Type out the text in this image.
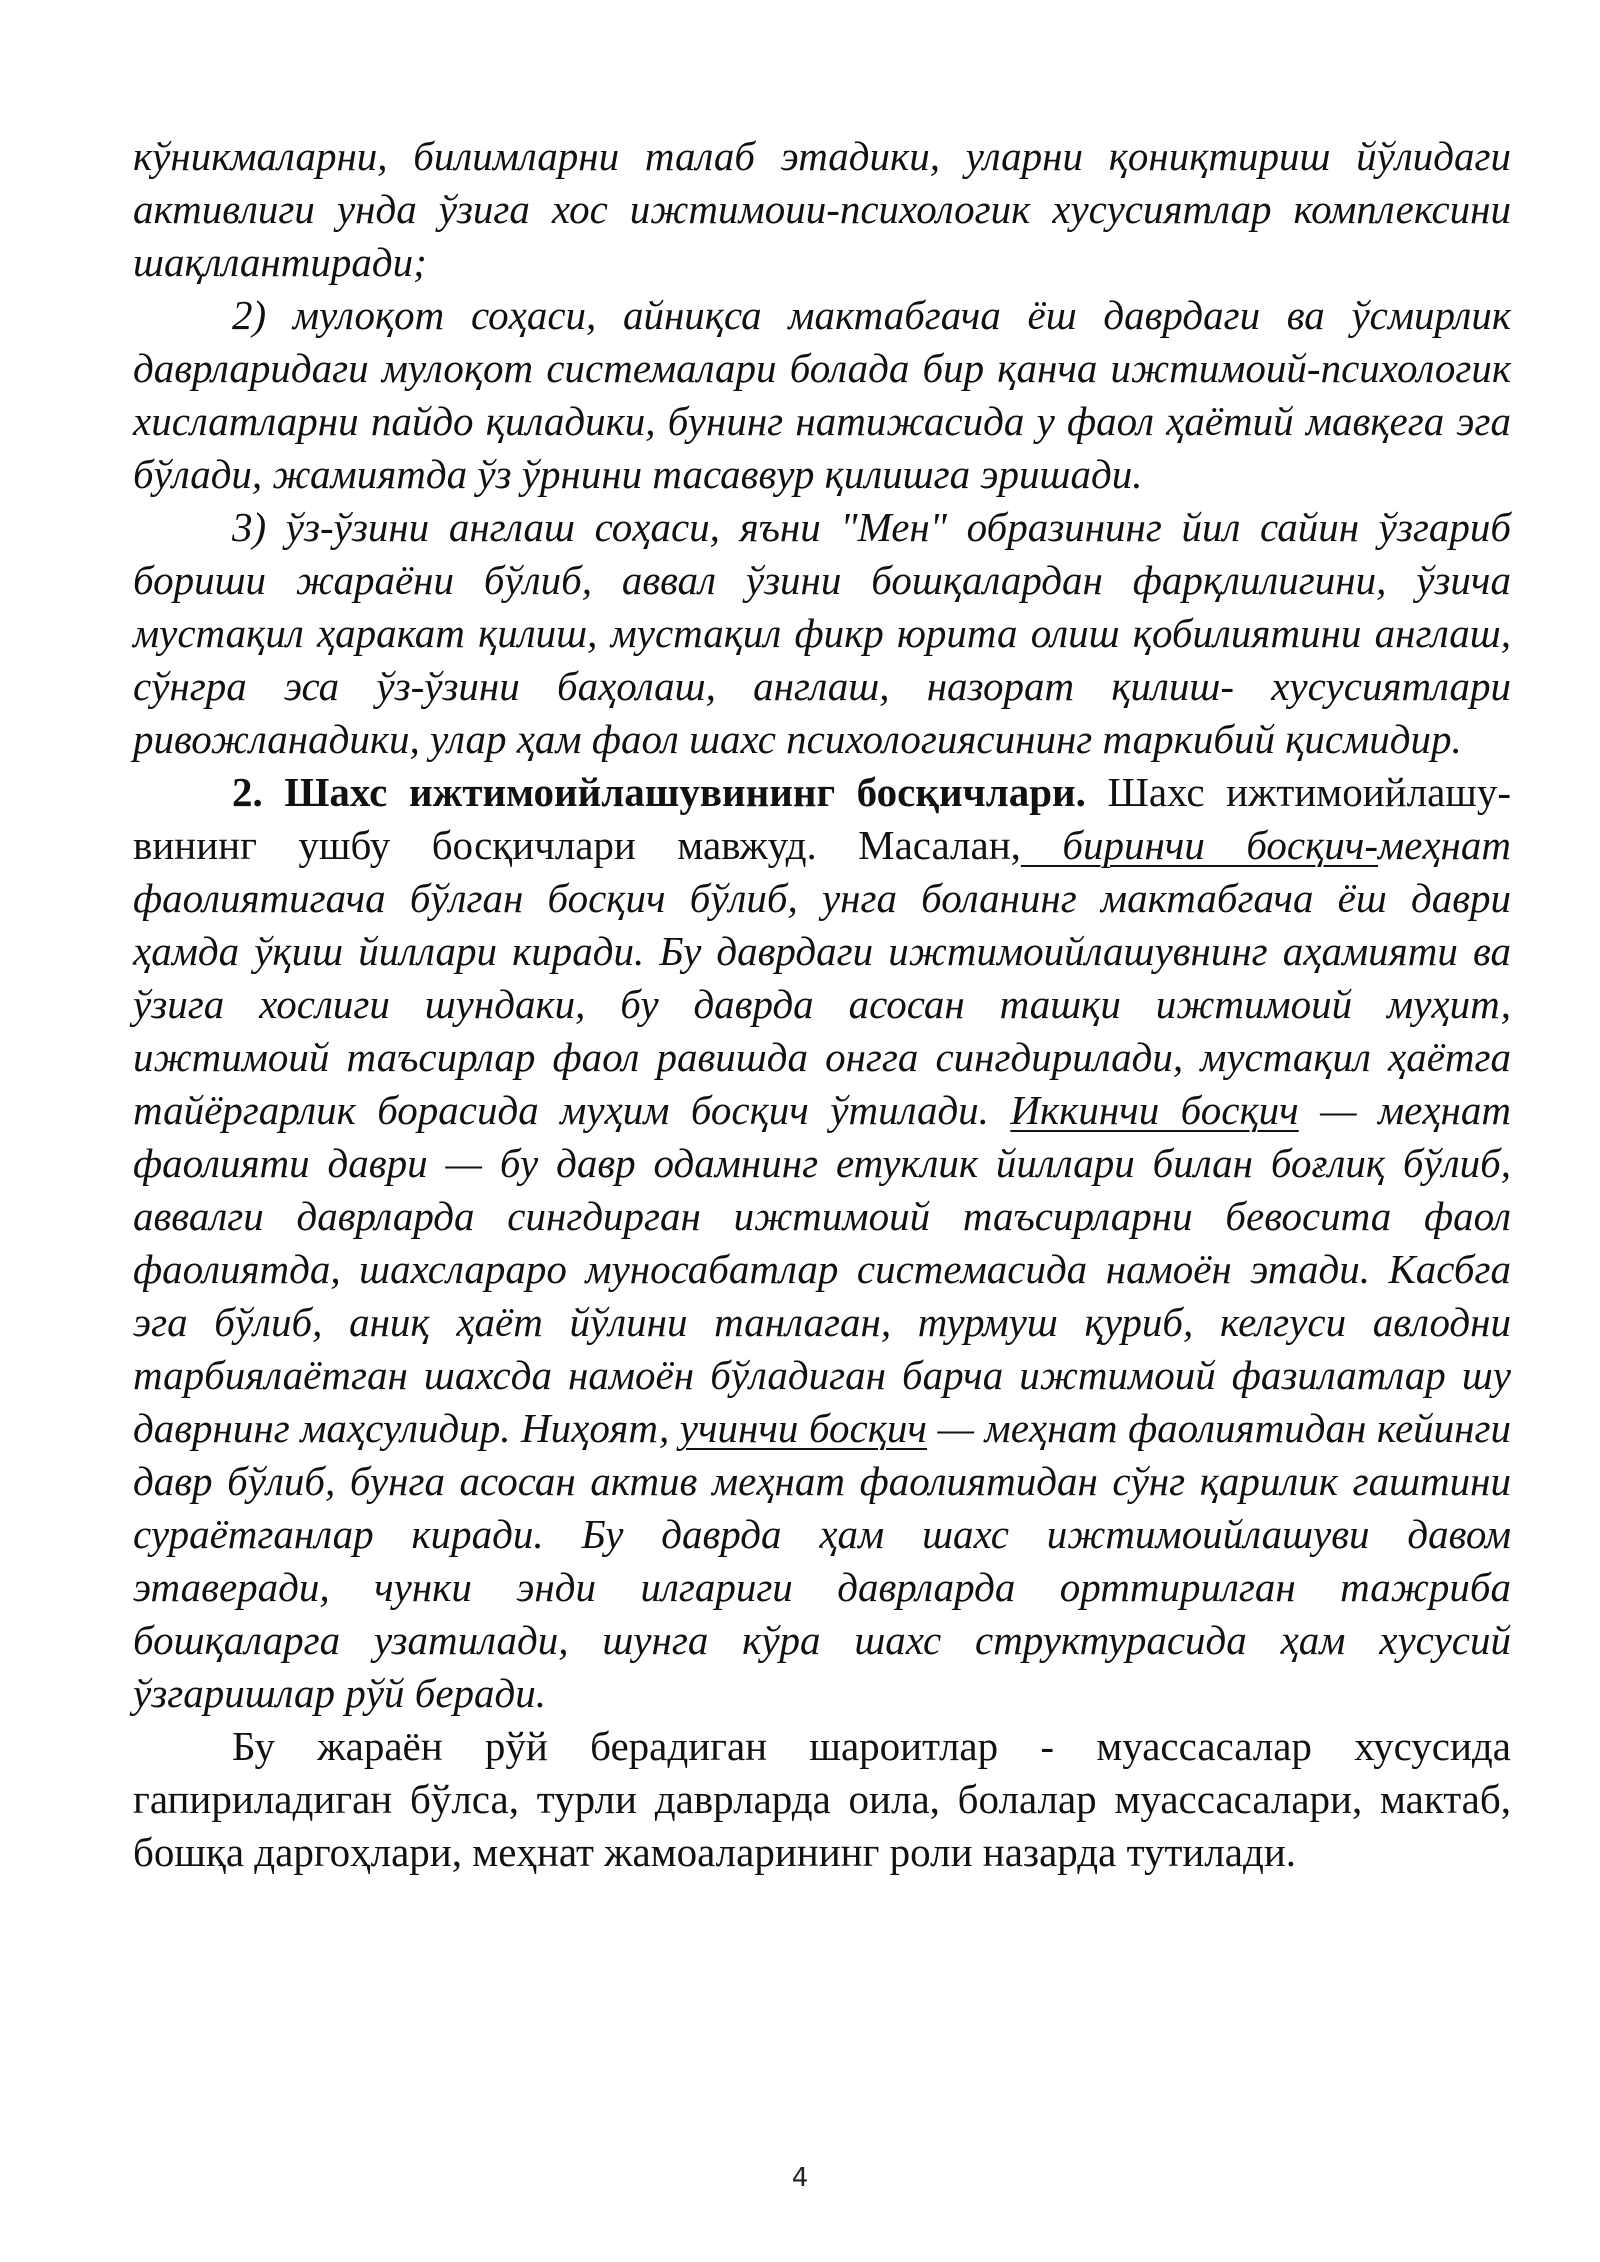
кўникмаларни, билимларни талаб этадики, уларни қониқтириш йўлидаги активлиги унда ўзига хос ижтимоии-психологик хусусиятлар комплексини шақллантиради;

2) мулоқот соҳаси, айниқса мактабгача ёш даврдаги ва ўсмирлик даврларидаги мулоқот системалари болада бир қанча ижтимоий-психологик хислатларни пайдо қиладики, бунинг натижасида у фаол ҳаётий мавқега эга бўлади, жамиятда ўз ўрнини тасаввур қилишга эришади.

3) ўз-ўзини англаш соҳаси, яъни "Мен" образининг йил сайин ўзгариб бориши жараёни бўлиб, аввал ўзини бошқалардан фарқлилигини, ўзича мустақил ҳаракат қилиш, мустақил фикр юрита олиш қобилиятини англаш, сўнгра эса ўз-ўзини баҳолаш, англаш, назорат қилиш- хусусиятлари ривожланадики, улар ҳам фаол шахс психологиясининг таркибий қисмидир.

2. Шахс ижтимоийлашувининг босқичлари. Шахс ижтимоийлашу-вининг ушбу босқичлари мавжуд. Масалан, биринчи босқич-меҳнат фаолиятигача бўлган босқич бўлиб, унга боланинг мактабгача ёш даври ҳамда ўқиш йиллари киради. Бу даврдаги ижтимоийлашувнинг аҳамияти ва ўзига хослиги шундаки, бу даврда асосан ташқи ижтимоий муҳит, ижтимоий таъсирлар фаол равишда онгга сингдирилади, мустақил ҳаётга тайёргарлик борасида муҳим босқич ўтилади. Иккинчи босқич — меҳнат фаолияти даври — бу давр одамнинг етуклик йиллари билан боғлиқ бўлиб, аввалги даврларда сингдирган ижтимоий таъсирларни бевосита фаол фаолиятда, шахслараро муносабатлар системасида намоён этади. Касбга эга бўлиб, аниқ ҳаёт йўлини танлаган, турмуш қуриб, келгуси авлодни тарбиялаётган шахсда намоён бўладиган барча ижтимоий фазилатлар шу даврнинг маҳсулидир. Ниҳоят, учинчи босқич — меҳнат фаолиятидан кейинги давр бўлиб, бунга асосан актив меҳнат фаолиятидан сўнг қарилик гаштини сураётганлар киради. Бу даврда ҳам шахс ижтимоийлашуви давом этаверади, чунки энди илгариги даврларда орттирилган тажриба бошқаларга узатилади, шунга кўра шахс структурасида ҳам хусусий ўзгаришлар рўй беради.

Бу жараён рўй берадиган шароитлар - муассасалар хусусида гапириладиган бўлса, турли даврларда оила, болалар муассасалари, мактаб, бошқа даргоҳлари, меҳнат жамоаларининг роли назарда тутилади.

4
